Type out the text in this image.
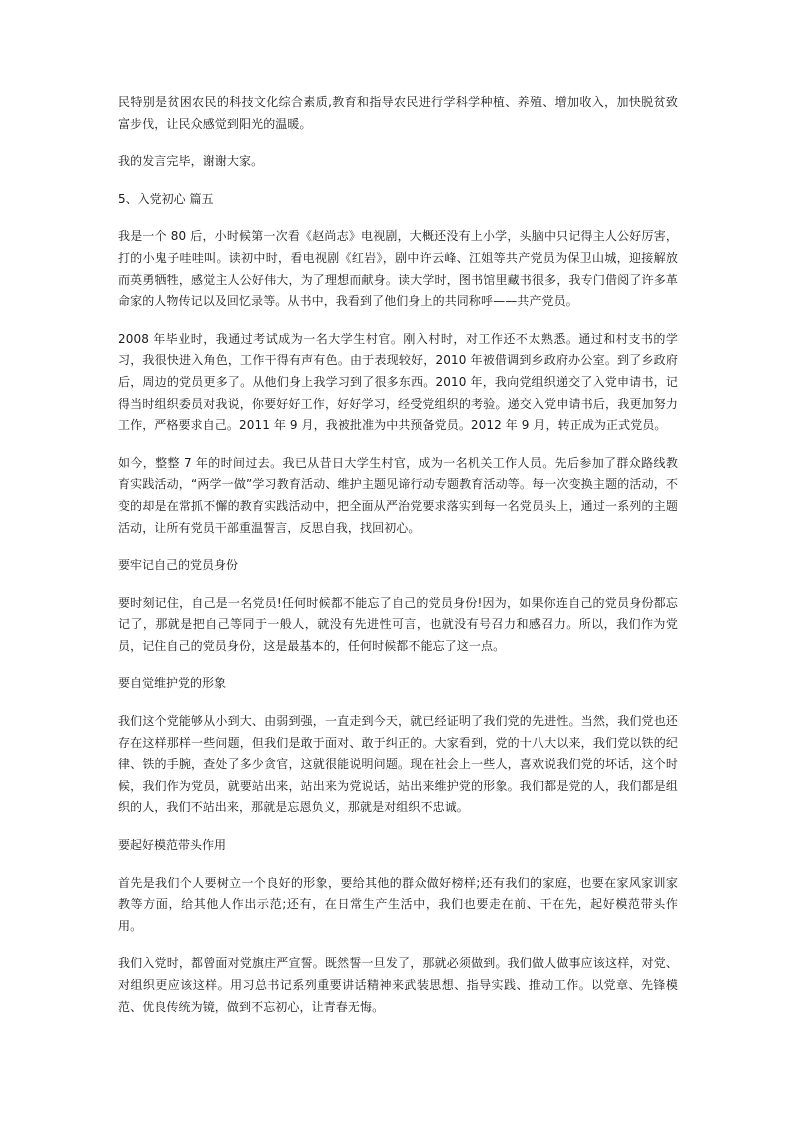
民特别是贫困农民的科技文化综合素质,教育和指导农民进行学科学种植、养殖、增加收入，加快脱贫致富步伐，让民众感觉到阳光的温暖。

我的发言完毕，谢谢大家。

5、入党初心 篇五

我是一个 80 后，小时候第一次看《赵尚志》电视剧，大概还没有上小学，头脑中只记得主人公好厉害，打的小鬼子哇哇叫。读初中时，看电视剧《红岩》，剧中许云峰、江姐等共产党员为保卫山城，迎接解放而英勇牺牲，感觉主人公好伟大，为了理想而献身。读大学时，图书馆里藏书很多，我专门借阅了许多革命家的人物传记以及回忆录等。从书中，我看到了他们身上的共同称呼——共产党员。

2008 年毕业时，我通过考试成为一名大学生村官。刚入村时，对工作还不太熟悉。通过和村支书的学习，我很快进入角色，工作干得有声有色。由于表现较好，2010 年被借调到乡政府办公室。到了乡政府后，周边的党员更多了。从他们身上我学习到了很多东西。2010 年，我向党组织递交了入党申请书，记得当时组织委员对我说，你要好好工作，好好学习，经受党组织的考验。递交入党申请书后，我更加努力工作，严格要求自己。2011 年 9 月，我被批准为中共预备党员。2012 年 9 月，转正成为正式党员。

如今，整整 7 年的时间过去。我已从昔日大学生村官，成为一名机关工作人员。先后参加了群众路线教育实践活动，“两学一做”学习教育活动、维护主题见谛行动专题教育活动等。每一次变换主题的活动，不变的却是在常抓不懈的教育实践活动中，把全面从严治党要求落实到每一名党员头上，通过一系列的主题活动，让所有党员干部重温誓言，反思自我，找回初心。

要牢记自己的党员身份

要时刻记住，自己是一名党员!任何时候都不能忘了自己的党员身份!因为，如果你连自己的党员身份都忘记了，那就是把自己等同于一般人，就没有先进性可言，也就没有号召力和感召力。所以，我们作为党员，记住自己的党员身份，这是最基本的，任何时候都不能忘了这一点。

要自觉维护党的形象

我们这个党能够从小到大、由弱到强，一直走到今天，就已经证明了我们党的先进性。当然，我们党也还存在这样那样一些问题，但我们是敢于面对、敢于纠正的。大家看到，党的十八大以来，我们党以铁的纪律、铁的手腕，查处了多少贪官，这就很能说明问题。现在社会上一些人，喜欢说我们党的坏话，这个时候，我们作为党员，就要站出来，站出来为党说话，站出来维护党的形象。我们都是党的人，我们都是组织的人，我们不站出来，那就是忘恩负义，那就是对组织不忠诚。

要起好模范带头作用

首先是我们个人要树立一个良好的形象，要给其他的群众做好榜样;还有我们的家庭，也要在家风家训家教等方面，给其他人作出示范;还有，在日常生产生活中，我们也要走在前、干在先，起好模范带头作用。

我们入党时，都曾面对党旗庄严宣誓。既然誓一旦发了，那就必须做到。我们做人做事应该这样，对党、对组织更应该这样。用习总书记系列重要讲话精神来武装思想、指导实践、推动工作。以党章、先锋模范、优良传统为镜，做到不忘初心，让青春无悔。
